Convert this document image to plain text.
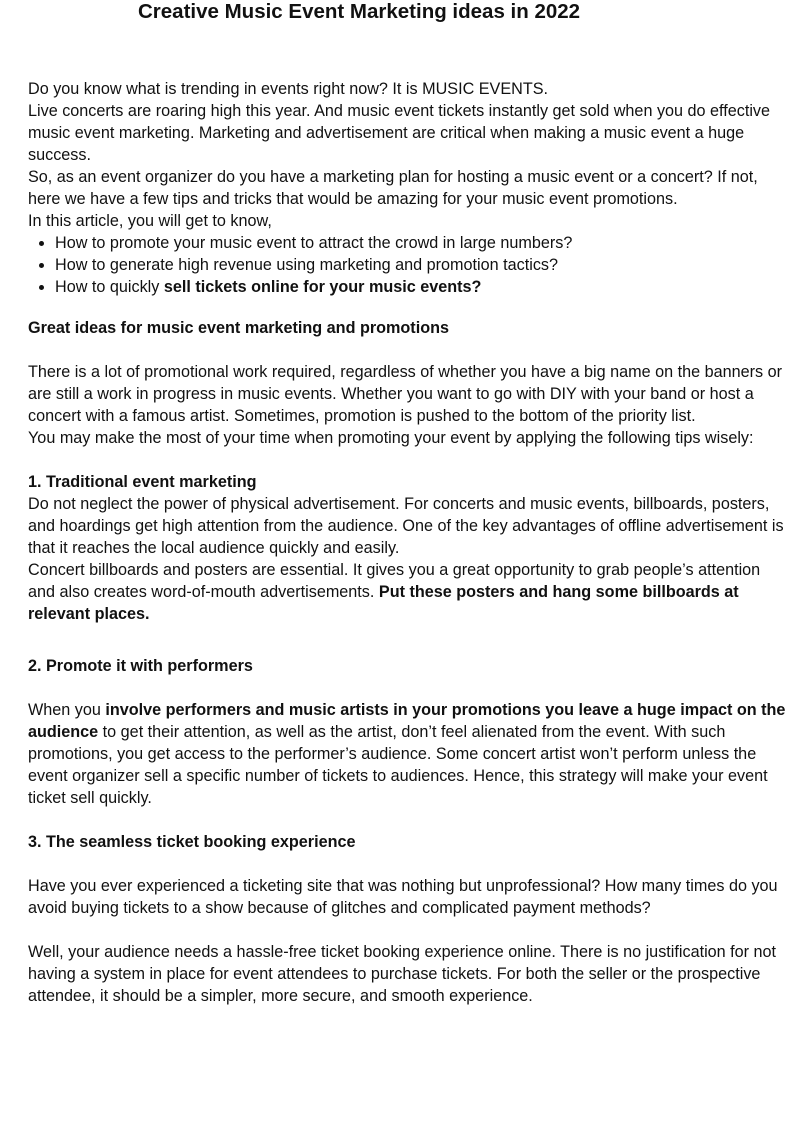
Creative Music Event Marketing ideas in 2022

Do you know what is trending in events right now? It is MUSIC EVENTS.

Live concerts are roaring high this year. And music event tickets instantly get sold when you do effective music event marketing. Marketing and advertisement are critical when making a music event a huge success.

So, as an event organizer do you have a marketing plan for hosting a music event or a concert? If not, here we have a few tips and tricks that would be amazing for your music event promotions.

In this article, you will get to know,

• How to promote your music event to attract the crowd in large numbers?
• How to generate high revenue using marketing and promotion tactics?
• How to quickly sell tickets online for your music events?

Great ideas for music event marketing and promotions

There is a lot of promotional work required, regardless of whether you have a big name on the banners or are still a work in progress in music events. Whether you want to go with DIY with your band or host a concert with a famous artist. Sometimes, promotion is pushed to the bottom of the priority list.

You may make the most of your time when promoting your event by applying the following tips wisely:

1. Traditional event marketing

Do not neglect the power of physical advertisement. For concerts and music events, billboards, posters, and hoardings get high attention from the audience. One of the key advantages of offline advertisement is that it reaches the local audience quickly and easily.

Concert billboards and posters are essential. It gives you a great opportunity to grab people’s attention and also creates word-of-mouth advertisements. Put these posters and hang some billboards at relevant places.

2. Promote it with performers

When you involve performers and music artists in your promotions you leave a huge impact on the audience to get their attention, as well as the artist, don’t feel alienated from the event. With such promotions, you get access to the performer’s audience. Some concert artist won’t perform unless the event organizer sell a specific number of tickets to audiences. Hence, this strategy will make your event ticket sell quickly.

3. The seamless ticket booking experience

Have you ever experienced a ticketing site that was nothing but unprofessional? How many times do you avoid buying tickets to a show because of glitches and complicated payment methods?

Well, your audience needs a hassle-free ticket booking experience online. There is no justification for not having a system in place for event attendees to purchase tickets. For both the seller or the prospective attendee, it should be a simpler, more secure, and smooth experience.
